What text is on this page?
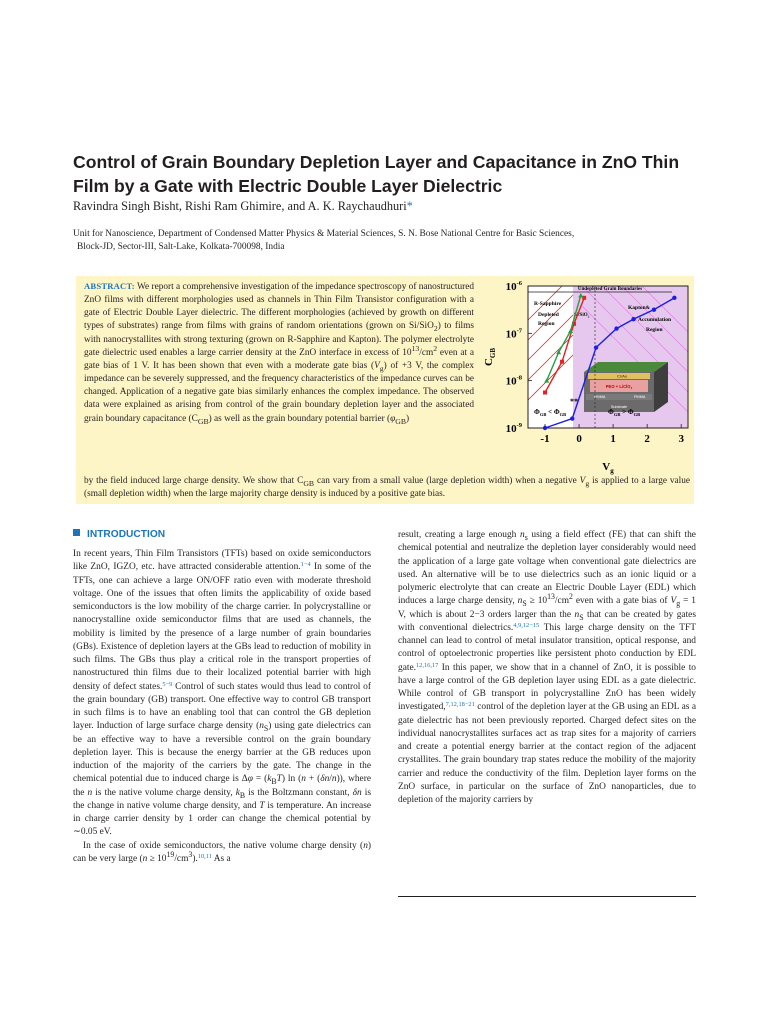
Control of Grain Boundary Depletion Layer and Capacitance in ZnO Thin Film by a Gate with Electric Double Layer Dielectric
Ravindra Singh Bisht, Rishi Ram Ghimire, and A. K. Raychaudhuri*
Unit for Nanoscience, Department of Condensed Matter Physics & Material Sciences, S. N. Bose National Centre for Basic Sciences,
Block-JD, Sector-III, Salt-Lake, Kolkata-700098, India
ABSTRACT: We report a comprehensive investigation of the impedance spectroscopy of nanostructured ZnO films with different morphologies used as channels in Thin Film Transistor configuration with a gate of Electric Double Layer dielectric. The different morphologies (achieved by growth on different types of substrates) range from films with grains of random orientations (grown on Si/SiO$_2$) to films with nanocrystallites with strong texturing (grown on R-Sapphire and Kapton). The polymer electrolyte gate dielectric used enables a large carrier density at the ZnO interface in excess of $10^{13}/cm^2$ even at a gate bias of 1 V. It has been shown that even with a moderate gate bias $(V_g)$ of +3 V, the complex impedance can be severely suppressed, and the frequency characteristics of the impedance curves can be changed. Application of a negative gate bias similarly enhances the complex impedance. The observed data were explained as arising from control of the grain boundary depletion layer and the associated grain boundary capacitance $(C_{GB})$ as well as the grain boundary potential barrier $(\varphi_{GB})$
by the field induced large charge density. We show that $C_{GB}$ can vary from a small value (large depletion width) when a negative $V_g$ is applied to a large value (small depletion width) when the large majority charge density is induced by a positive gate bias.
Undepleted Grain Boundaries
R-Sapphire
Depleted
Region
Si/SiO$_2$
Kapton&
Accumulation
Region
Cr/Au
PEO + LiClO$_4$
PMMA	PMMA
Substrate
$\Phi_{GB} < \Phi_{GB}$	$\Phi_{GB} > \Phi_{GB}$
**
$10^{-6}$
$10^{-7}$
$10^{-8}$
$10^{-9}$
-1 0	1	2	3
$C_{GB}$
$V_g$
INTRODUCTION

In recent years, Thin Film Transistors (TFTs) based on oxide semiconductors like ZnO, IGZO, etc. have attracted considerable attention.$^{1-4}$ In some of the TFTs, one can achieve a large ON/OFF ratio even with moderate threshold voltage. One of the issues that often limits the applicability of oxide based semiconductors is the low mobility of the charge carrier. In polycrystalline or nanocrystalline oxide semiconductor films that are used as channels, the mobility is limited by the presence of a large number of grain boundaries (GBs). Existence of depletion layers at the GBs lead to reduction of mobility in such films. The GBs thus play a critical role in the transport properties of nanostructured thin films due to their localized potential barrier with high density of defect states.$^{5-9}$ Control of such states would thus lead to control of the grain boundary (GB) transport. One effective way to control GB transport in such films is to have an enabling tool that can control the GB depletion layer. Induction of large surface charge density $(n_S)$ using gate dielectrics can be an effective way to have a reversible control on the grain boundary depletion layer. This is because the energy barrier at the GB reduces upon induction of the majority of the carriers by the gate. The change in the chemical potential due to induced charge is $\Delta\varphi = (k_BT)$ ln (n + (δn/n)), where the n is the native volume charge density, $k_B$ is the Boltzmann constant, δn is the change in native volume charge density, and T is temperature. An increase in charge carrier density by 1 order can change the chemical potential by ∼0.05 eV.

In the case of oxide semiconductors, the native volume charge density (n) can be very large $(n \ge 10^{19}/cm^3).^{10,11}$ As a

result, creating a large enough $n_s$ using a field effect (FE) that can shift the chemical potential and neutralize the depletion layer considerably would need the application of a large gate voltage when conventional gate dielectrics are used. An alternative will be to use dielectrics such as an ionic liquid or a polymeric electrolyte that can create an Electric Double Layer (EDL) which induces a large charge density, $n_S \ge 10^{13}/cm^2$ even with a gate bias of $V_g = 1$ V, which is about 2−3 orders larger than the $n_S$ that can be created by gates with conventional dielectrics.$^{4,9,12-15}$ This large charge density on the TFT channel can lead to control of metal insulator transition, optical response, and control of optoelectronic properties like persistent photo conduction by EDL gate.$^{12,16,17}$ In this paper, we show that in a channel of ZnO, it is possible to have a large control of the GB depletion layer using EDL as a gate dielectric. While control of GB transport in polycrystalline ZnO has been widely investigated,$^{7,12,18-21}$ control of the depletion layer at the GB using an EDL as a gate dielectric has not been previously reported. Charged defect sites on the individual nanocrystallites surfaces act as trap sites for a majority of carriers and create a potential energy barrier at the contact region of the adjacent crystallites. The grain boundary trap states reduce the mobility of the majority carrier and reduce the conductivity of the film. Depletion layer forms on the ZnO surface, in particular on the surface of ZnO nanoparticles, due to depletion of the majority carriers by
